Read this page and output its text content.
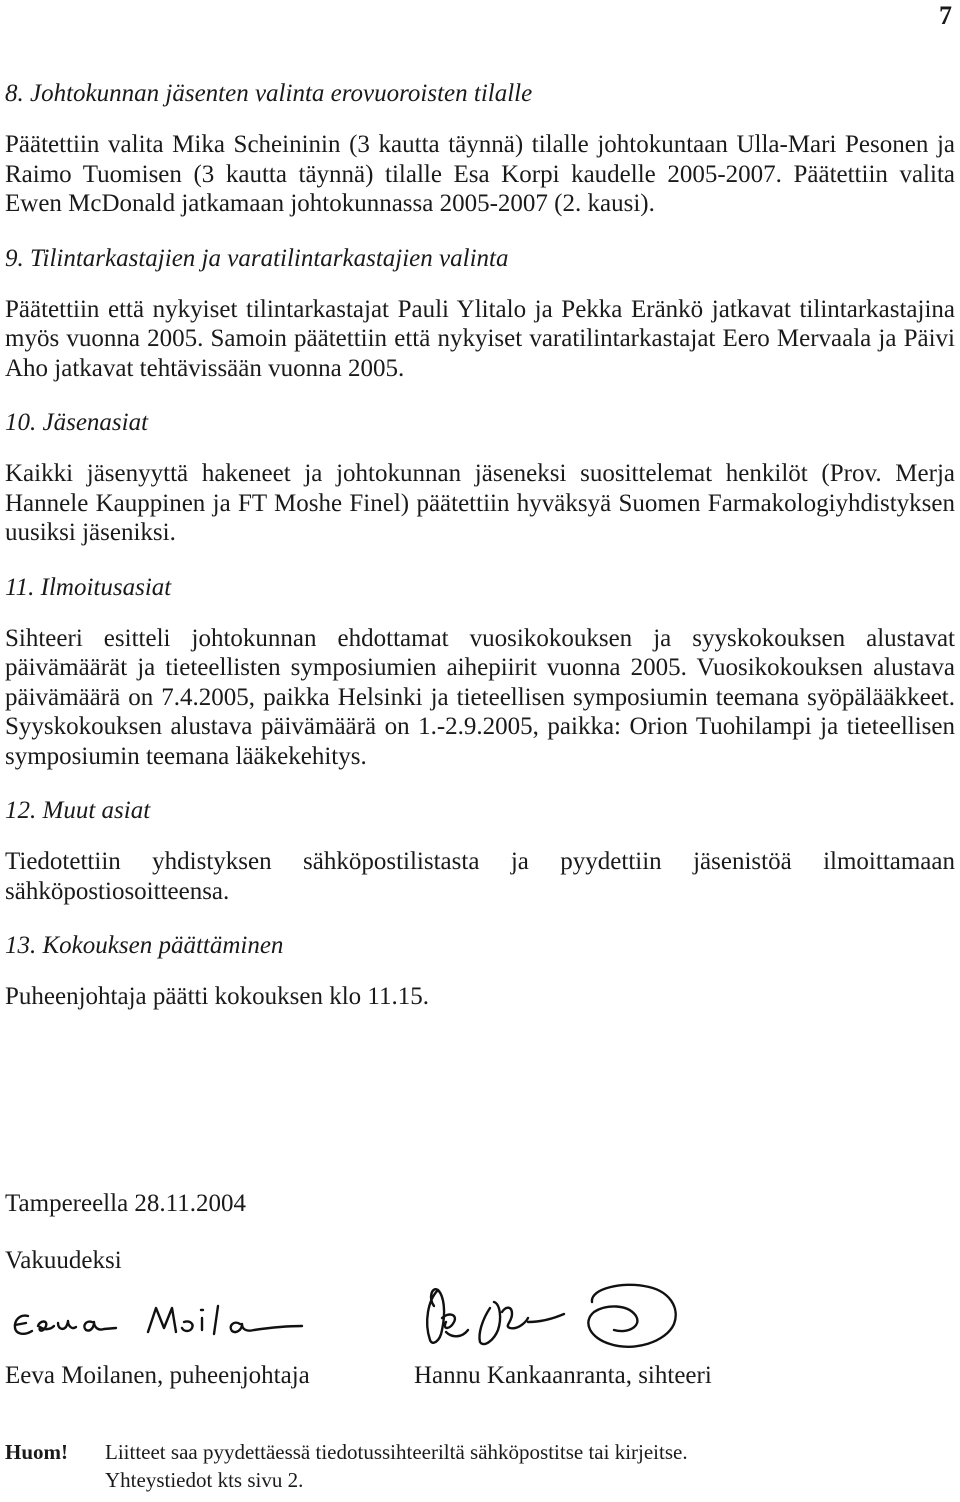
7
8. Johtokunnan jäsenten valinta erovuoroisten tilalle
Päätettiin valita Mika Scheininin (3 kautta täynnä) tilalle johtokuntaan Ulla-Mari Pesonen ja Raimo Tuomisen (3 kautta täynnä) tilalle Esa Korpi kaudelle 2005-2007. Päätettiin valita Ewen McDonald jatkamaan johtokunnassa 2005-2007 (2. kausi).
9. Tilintarkastajien ja varatilintarkastajien valinta
Päätettiin että nykyiset tilintarkastajat Pauli Ylitalo ja Pekka Eränkö jatkavat tilintarkastajina myös vuonna 2005. Samoin päätettiin että nykyiset varatilintarkastajat Eero Mervaala ja Päivi Aho jatkavat tehtävissään vuonna 2005.
10. Jäsenasiat
Kaikki jäsenyyttä hakeneet ja johtokunnan jäseneksi suosittelemat henkilöt (Prov. Merja Hannele Kauppinen ja FT Moshe Finel) päätettiin hyväksyä Suomen Farmakologiyhdistyksen uusiksi jäseniksi.
11. Ilmoitusasiat
Sihteeri esitteli johtokunnan ehdottamat vuosikokouksen ja syyskokouksen alustavat päivämäärät ja tieteellisten symposiumien aihepiirit vuonna 2005. Vuosikokouksen alustava päivämäärä on 7.4.2005, paikka Helsinki ja tieteellisen symposiumin teemana syöpälääkkeet. Syyskokouksen alustava päivämäärä on 1.-2.9.2005, paikka: Orion Tuohilampi ja tieteellisen symposiumin teemana lääkekehitys.
12. Muut asiat
Tiedotettiin yhdistyksen sähköpostilistasta ja pyydettiin jäsenistöä ilmoittamaan sähköpostiosoitteensa.
13. Kokouksen päättäminen
Puheenjohtaja päätti kokouksen klo 11.15.
Tampereella 28.11.2004
Vakuudeksi
Eeva Moilanen, puheenjohtaja	Hannu Kankaanranta, sihteeri
Huom!	Liitteet saa pyydettäessä tiedotussihteeriltä sähköpostitse tai kirjeitse.
Yhteystiedot kts sivu 2.
